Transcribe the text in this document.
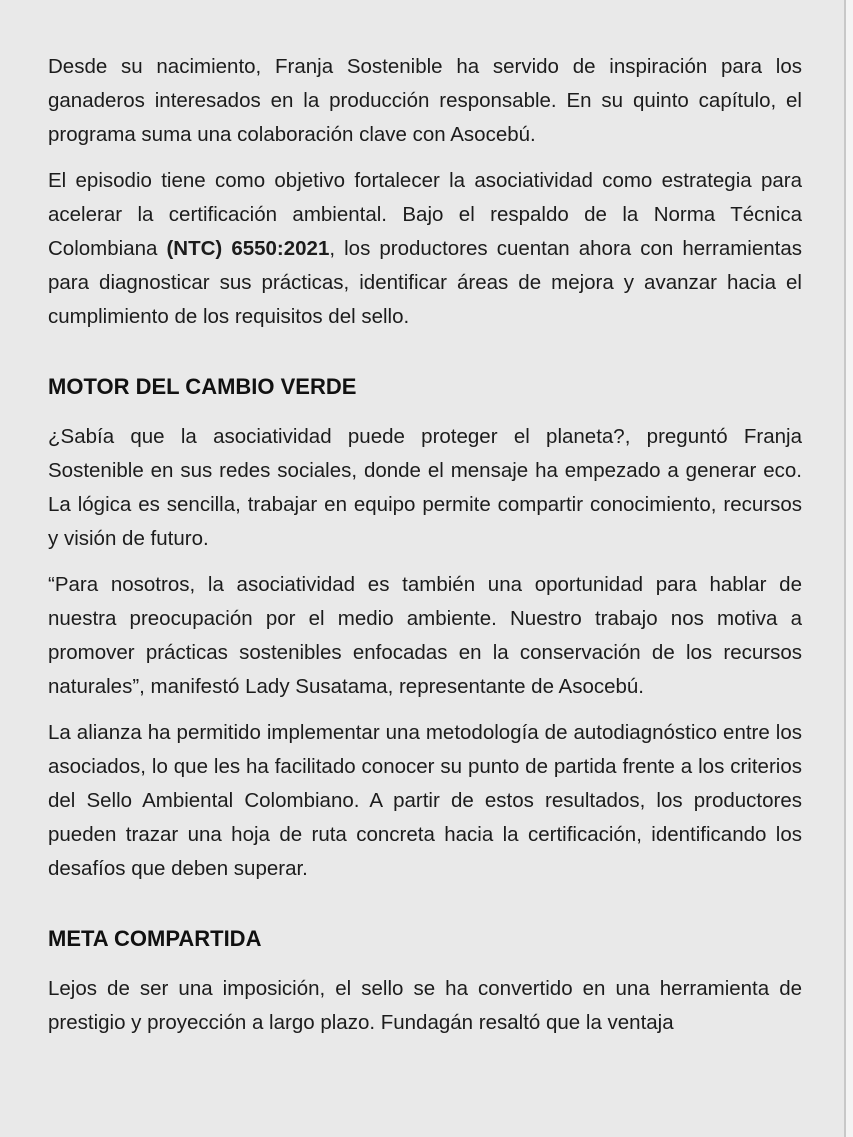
Desde su nacimiento, Franja Sostenible ha servido de inspiración para los ganaderos interesados en la producción responsable. En su quinto capítulo, el programa suma una colaboración clave con Asocebú.

El episodio tiene como objetivo fortalecer la asociatividad como estrategia para acelerar la certificación ambiental. Bajo el respaldo de la Norma Técnica Colombiana (NTC) 6550:2021, los productores cuentan ahora con herramientas para diagnosticar sus prácticas, identificar áreas de mejora y avanzar hacia el cumplimiento de los requisitos del sello.

MOTOR DEL CAMBIO VERDE

¿Sabía que la asociatividad puede proteger el planeta?, preguntó Franja Sostenible en sus redes sociales, donde el mensaje ha empezado a generar eco. La lógica es sencilla, trabajar en equipo permite compartir conocimiento, recursos y visión de futuro.

“Para nosotros, la asociatividad es también una oportunidad para hablar de nuestra preocupación por el medio ambiente. Nuestro trabajo nos motiva a promover prácticas sostenibles enfocadas en la conservación de los recursos naturales”, manifestó Lady Susatama, representante de Asocebú.

La alianza ha permitido implementar una metodología de autodiagnóstico entre los asociados, lo que les ha facilitado conocer su punto de partida frente a los criterios del Sello Ambiental Colombiano. A partir de estos resultados, los productores pueden trazar una hoja de ruta concreta hacia la certificación, identificando los desafíos que deben superar.

META COMPARTIDA

Lejos de ser una imposición, el sello se ha convertido en una herramienta de prestigio y proyección a largo plazo. Fundagán resaltó que la ventaja
